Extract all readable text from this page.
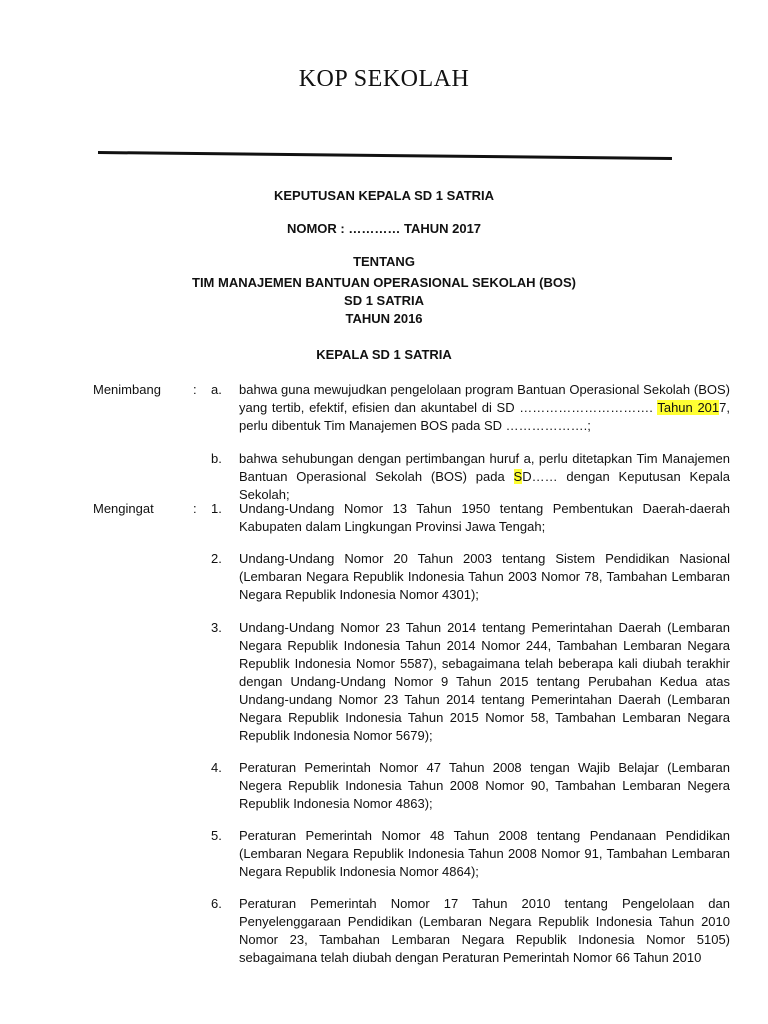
KOP SEKOLAH
KEPUTUSAN KEPALA SD 1 SATRIA
NOMOR : ………… TAHUN 2017
TENTANG
TIM MANAJEMEN BANTUAN OPERASIONAL SEKOLAH (BOS)
SD 1 SATRIA
TAHUN 2016
KEPALA SD 1 SATRIA
Menimbang : a. bahwa guna mewujudkan pengelolaan program Bantuan Operasional Sekolah (BOS) yang tertib, efektif, efisien dan akuntabel di SD …………………………. Tahun 2017, perlu dibentuk Tim Manajemen BOS pada SD ……………….;
b. bahwa sehubungan dengan pertimbangan huruf a, perlu ditetapkan Tim Manajemen Bantuan Operasional Sekolah (BOS) pada SD…… dengan Keputusan Kepala Sekolah;
Mengingat	: 1. Undang-Undang Nomor 13 Tahun 1950 tentang Pembentukan Daerah-daerah Kabupaten dalam Lingkungan Provinsi Jawa Tengah;
2. Undang-Undang Nomor 20 Tahun 2003 tentang Sistem Pendidikan Nasional (Lembaran Negara Republik Indonesia Tahun 2003 Nomor 78, Tambahan Lembaran Negara Republik Indonesia Nomor 4301);
3. Undang-Undang Nomor 23 Tahun 2014 tentang Pemerintahan Daerah (Lembaran Negara Republik Indonesia Tahun 2014 Nomor 244, Tambahan Lembaran Negara Republik Indonesia Nomor 5587), sebagaimana telah beberapa kali diubah terakhir dengan Undang-Undang Nomor 9 Tahun 2015 tentang Perubahan Kedua atas Undang-undang Nomor 23 Tahun 2014 tentang Pemerintahan Daerah (Lembaran Negara Republik Indonesia Tahun 2015 Nomor 58, Tambahan Lembaran Negara Republik Indonesia Nomor 5679);
4. Peraturan Pemerintah Nomor 47 Tahun 2008 tengan Wajib Belajar (Lembaran Negera Republik Indonesia Tahun 2008 Nomor 90, Tambahan Lembaran Negera Republik Indonesia Nomor 4863);
5. Peraturan Pemerintah Nomor 48 Tahun 2008 tentang Pendanaan Pendidikan (Lembaran Negara Republik Indonesia Tahun 2008 Nomor 91, Tambahan Lembaran Negara Republik Indonesia Nomor 4864);
6. Peraturan Pemerintah Nomor 17 Tahun 2010 tentang Pengelolaan dan Penyelenggaraan Pendidikan (Lembaran Negara Republik Indonesia Tahun 2010 Nomor 23, Tambahan Lembaran Negara Republik Indonesia Nomor 5105) sebagaimana telah diubah dengan Peraturan Pemerintah Nomor 66 Tahun 2010
